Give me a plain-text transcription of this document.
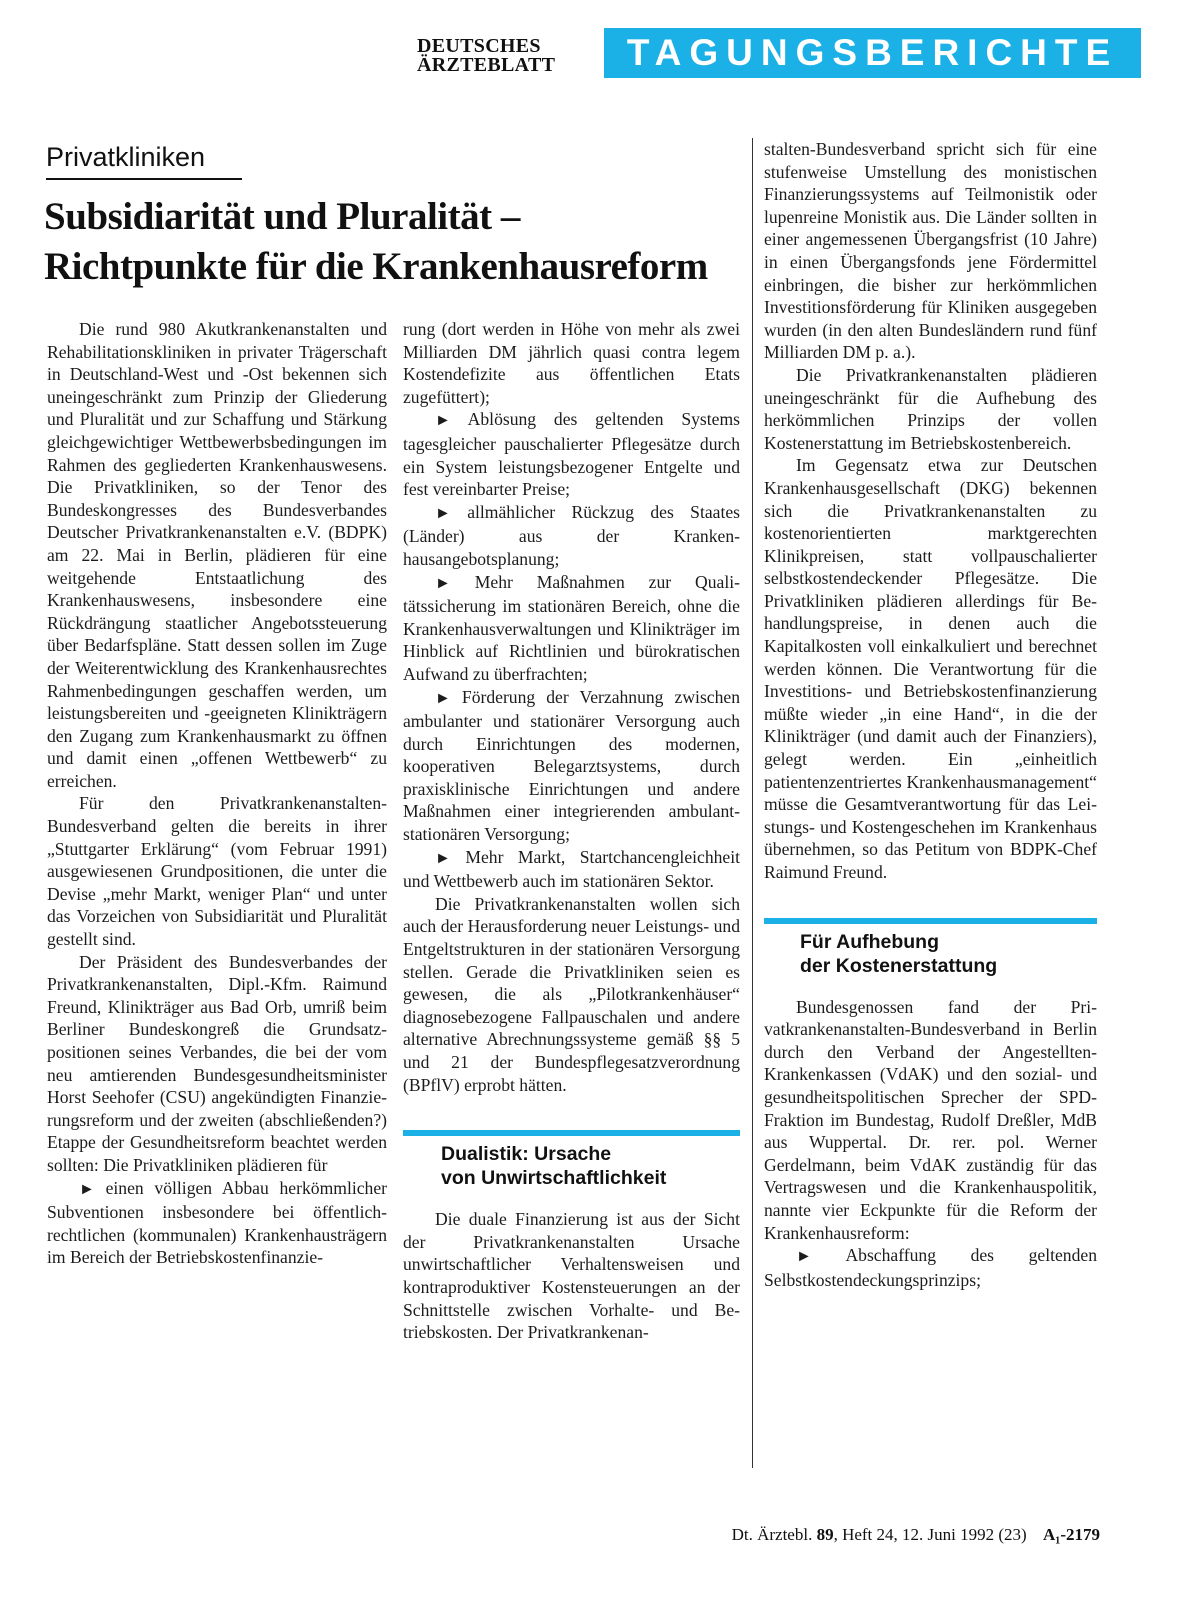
DEUTSCHES
ÄRZTEBLATT	TAGUNGSBERICHTE
Privatkliniken
Subsidiarität und Pluralität –
Richtpunkte für die Krankenhausreform

Die rund 980 Akutkrankenanstalten und Rehabilitationskliniken in privater Trägerschaft in Deutschland-West und -Ost bekennen sich uneingeschränkt zum Prinzip der Gliederung und Pluralität und zur Schaffung und Stärkung gleichgewichtiger Wettbewerbsbedingungen im Rahmen des gegliederten Krankenhauswesens. Die Privatkliniken, so der Tenor des Bundeskongresses des Bundesverbandes Deutscher Privatkrankenanstalten e.V. (BDPK) am 22. Mai in Berlin, plädieren für eine weitgehende Entstaatlichung des Krankenhauswesens, insbesondere eine Rückdrängung staatlicher Angebotssteuerung über Bedarfspläne. Statt dessen sollen im Zuge der Weiterentwicklung des Krankenhausrechtes Rahmenbedingungen geschaffen werden, um leistungsbereiten und -geeigneten Klinikträgern den Zugang zum Krankenhausmarkt zu öffnen und damit einen „offenen Wettbewerb“ zu erreichen.

Für den Privatkrankenanstalten-Bundesverband gelten die bereits in ihrer „Stuttgarter Erklärung“ (vom Februar 1991) ausgewiesenen Grundpositionen, die unter die Devise „mehr Markt, weniger Plan“ und unter das Vorzeichen von Subsidiarität und Pluralität gestellt sind.

Der Präsident des Bundesverbandes der Privatkrankenanstalten, Dipl.-Kfm. Raimund Freund, Klinikträger aus Bad Orb, umriß beim Berliner Bundeskongreß die Grundsatzpositionen seines Verbandes, die bei der vom neu amtierenden Bundesgesundheitsminister Horst Seehofer (CSU) angekündigten Finanzierungsreform und der zweiten (abschließenden?) Etappe der Gesundheitsreform beachtet werden sollten: Die Privatkliniken plädieren für

► einen völligen Abbau herkömmlicher Subventionen insbesondere bei öffentlich-rechtlichen (kommunalen) Krankenhausträgern im Bereich der Betriebskostenfinanzie-

rung (dort werden in Höhe von mehr als zwei Milliarden DM jährlich quasi contra legem Kostendefizite aus öffentlichen Etats zugefüttert);

► Ablösung des geltenden Systems tagesgleicher pauschalierter Pflegesätze durch ein System leistungsbezogener Entgelte und fest vereinbarter Preise;

► allmählicher Rückzug des Staates (Länder) aus der Krankenhausangebotsplanung;

► Mehr Maßnahmen zur Qualitätssicherung im stationären Bereich, ohne die Krankenhausverwaltungen und Klinikträger im Hinblick auf Richtlinien und bürokratischen Aufwand zu überfrachten;

► Förderung der Verzahnung zwischen ambulanter und stationärer Versorgung auch durch Einrichtungen des modernen, kooperativen Belegarztsystems, durch praxisklinische Einrichtungen und andere Maßnahmen einer integrierenden ambulantstationären Versorgung;

► Mehr Markt, Startchancengleichheit und Wettbewerb auch im stationären Sektor.

Die Privatkrankenanstalten wollen sich auch der Herausforderung neuer Leistungs- und Entgeltstrukturen in der stationären Versorgung stellen. Gerade die Privatkliniken seien es gewesen, die als „Pilotkrankenhäuser“ diagnosebezogene Fallpauschalen und andere alternative Abrechnungssysteme gemäß §§ 5 und 21 der Bundespflegesatzverordnung (BPflV) erprobt hätten.

Dualistik: Ursache
von Unwirtschaftlichkeit

Die duale Finanzierung ist aus der Sicht der Privatkrankenanstalten Ursache unwirtschaftlicher Verhaltensweisen und kontraproduktiver Kostensteuerungen an der Schnittstelle zwischen Vorhalte- und Betriebskosten. Der Privatkrankenan-

stalten-Bundesverband spricht sich für eine stufenweise Umstellung des monistischen Finanzierungssystems auf Teilmonistik oder lupenreine Monistik aus. Die Länder sollten in einer angemessenen Übergangsfrist (10 Jahre) in einen Übergangsfonds jene Fördermittel einbringen, die bisher zur herkömmlichen Investitionsförderung für Kliniken ausgegeben wurden (in den alten Bundesländern rund fünf Milliarden DM p. a.).

Die Privatkrankenanstalten plädieren uneingeschränkt für die Aufhebung des herkömmlichen Prinzips der vollen Kostenerstattung im Betriebskostenbereich.

Im Gegensatz etwa zur Deutschen Krankenhausgesellschaft (DKG) bekennen sich die Privatkrankenanstalten zu kostenorientierten marktgerechten Klinikpreisen, statt vollpauschalierter selbstkostendeckender Pflegesätze. Die Privatkliniken plädieren allerdings für Behandlungspreise, in denen auch die Kapitalkosten voll einkalkuliert und berechnet werden können. Die Verantwortung für die Investitions- und Betriebskostenfinanzierung müßte wieder „in eine Hand“, in die der Klinikträger (und damit auch der Finanziers), gelegt werden. Ein „einheitlich patientenzentriertes Krankenhausmanagement“ müsse die Gesamtverantwortung für das Leistungs- und Kostengeschehen im Krankenhaus übernehmen, so das Petitum von BDPK-Chef Raimund Freund.

Für Aufhebung
der Kostenerstattung

Bundesgenossen fand der Privatkrankenanstalten-Bundesverband in Berlin durch den Verband der Angestellten-Krankenkassen (VdAK) und den sozial- und gesundheitspolitischen Sprecher der SPD-Fraktion im Bundestag, Rudolf Dreßler, MdB aus Wuppertal. Dr. rer. pol. Werner Gerdelmann, beim VdAK zuständig für das Vertragswesen und die Krankenhauspolitik, nannte vier Eckpunkte für die Reform der Krankenhausreform:

► Abschaffung des geltenden Selbstkostendeckungsprinzips;

Dt. Ärztebl. 89, Heft 24, 12. Juni 1992 (23) A₁-2179
